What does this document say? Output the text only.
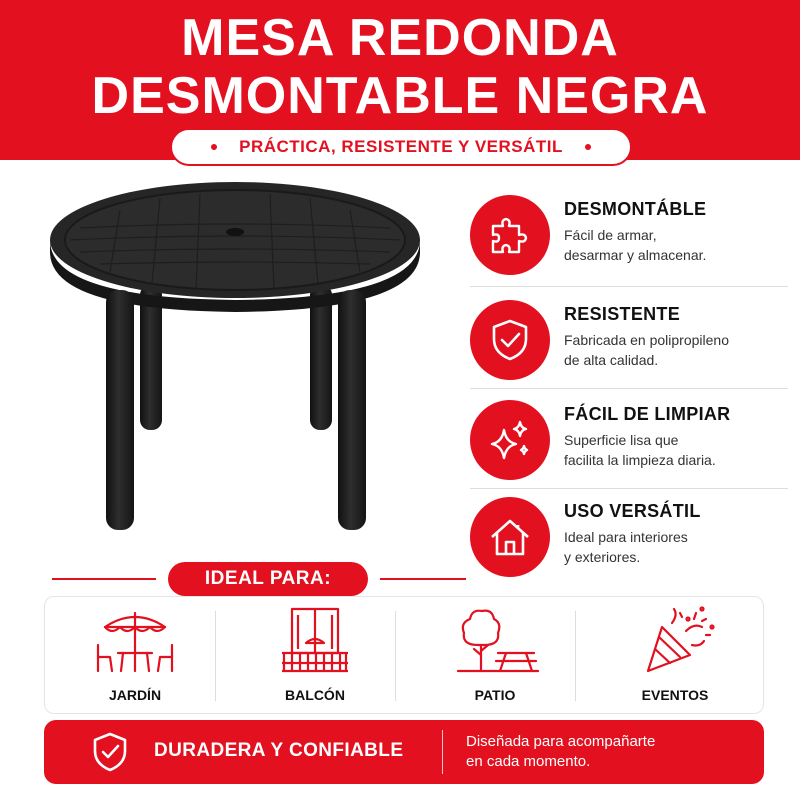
MESA REDONDA
DESMONTABLE NEGRA
PRÁCTICA, RESISTENTE Y VERSÁTIL
DESMONTÁBLE
Fácil de armar,
desarmar y almacenar.
RESISTENTE
Fabricada en polipropileno
de alta calidad.
FÁCIL DE LIMPIAR
Superficie lisa que
facilita la limpieza diaria.
USO VERSÁTIL
Ideal para interiores
y exteriores.
IDEAL PARA:
JARDÍN	BALCÓN	PATIO	EVENTOS
DURADERA Y CONFIABLE	Diseñada para acompañarte
en cada momento.
